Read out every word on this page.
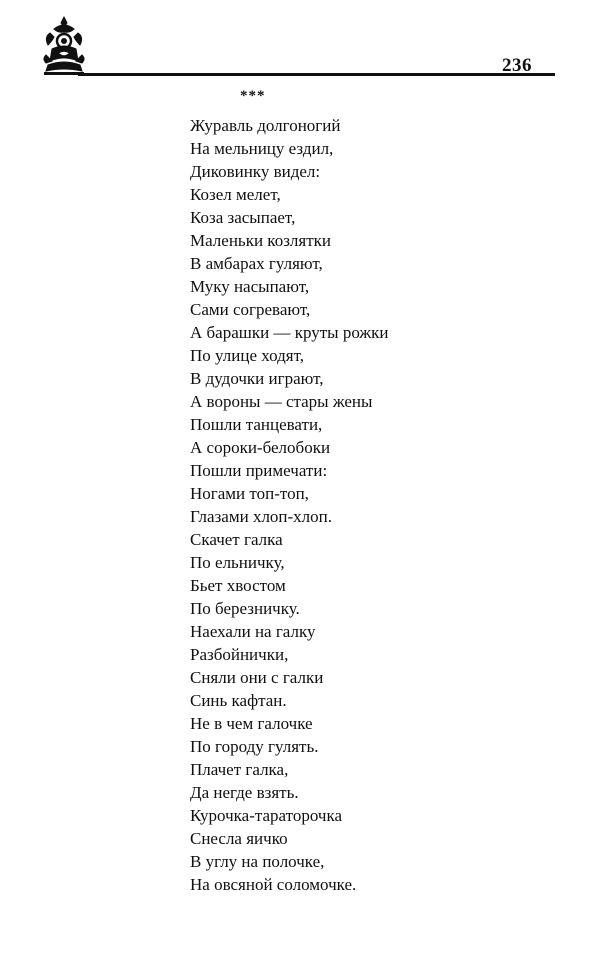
236
***
Журавль долгоногий
На мельницу ездил,
Диковинку видел:
Козел мелет,
Коза засыпает,
Маленьки козлятки
В амбарах гуляют,
Муку насыпают,
Сами согревают,
А барашки — круты рожки
По улице ходят,
В дудочки играют,
А вороны — стары жены
Пошли танцевати,
А сороки-белобоки
Пошли примечати:
Ногами топ-топ,
Глазами хлоп-хлоп.
Скачет галка
По ельничку,
Бьет хвостом
По березничку.
Наехали на галку
Разбойнички,
Сняли они с галки
Синь кафтан.
Не в чем галочке
По городу гулять.
Плачет галка,
Да негде взять.
Курочка-тараторочка
Снесла яичко
В углу на полочке,
На овсяной соломочке.
